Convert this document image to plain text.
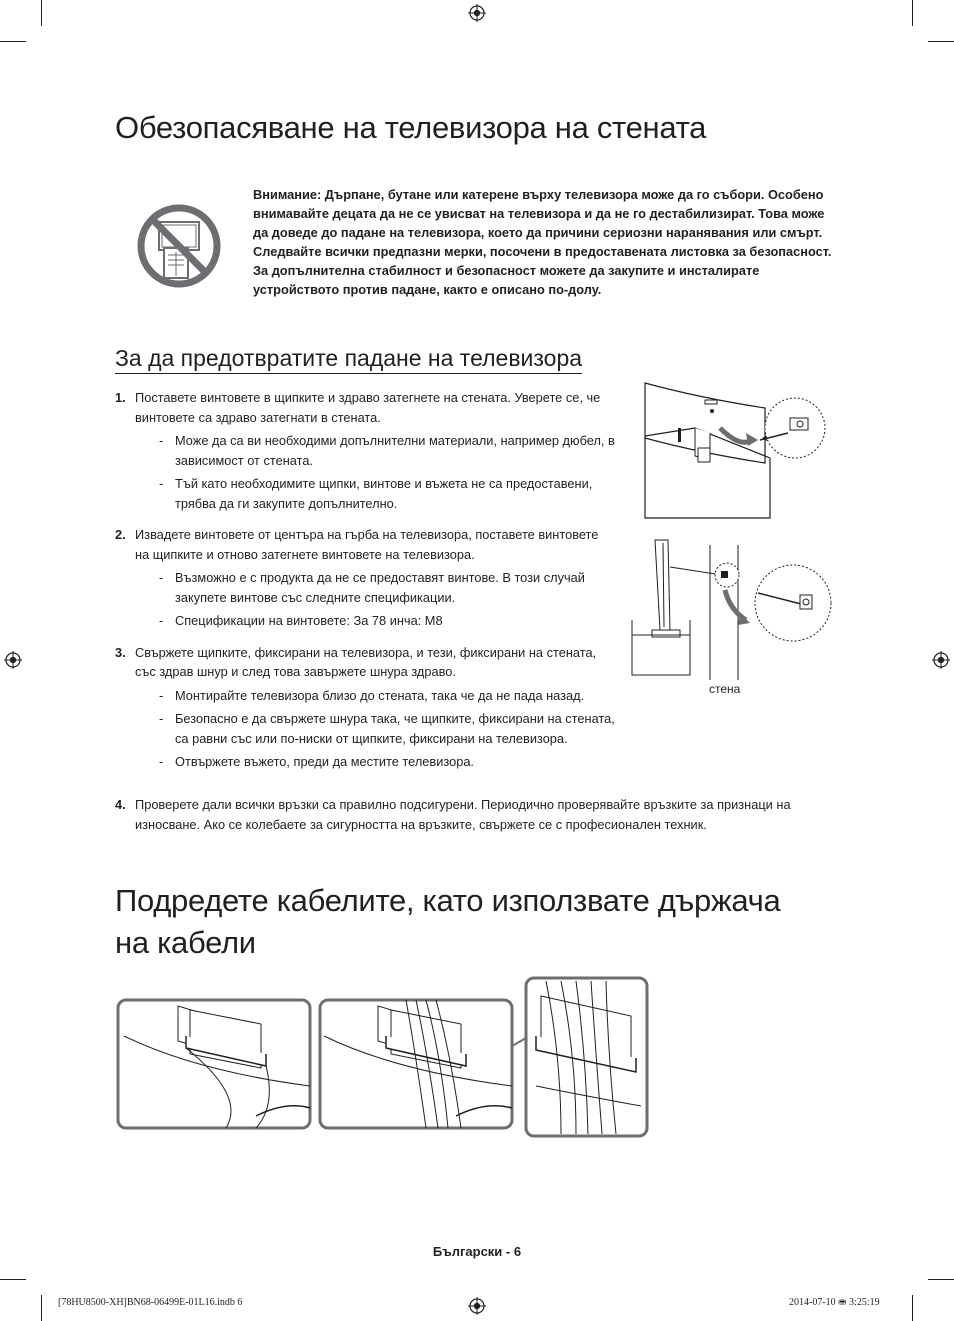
Обезопасяване на телевизора на стената
Внимание: Дърпане, бутане или катерене върху телевизора може да го събори. Особено внимавайте децата да не се увисват на телевизора и да не го дестабилизират. Това може да доведе до падане на телевизора, което да причини сериозни наранявания или смърт. Следвайте всички предпазни мерки, посочени в предоставената листовка за безопасност. За допълнителна стабилност и безопасност можете да закупите и инсталирате устройството против падане, както е описано по-долу.
За да предотвратите падане на телевизора
1. Поставете винтовете в щипките и здраво затегнете на стената. Уверете се, че винтовете са здраво затегнати в стената.
- Може да са ви необходими допълнителни материали, например дюбел, в зависимост от стената.
- Тъй като необходимите щипки, винтове и въжета не са предоставени, трябва да ги закупите допълнително.
2. Извадете винтовете от центъра на гърба на телевизора, поставете винтовете на щипките и отново затегнете винтовете на телевизора.
- Възможно е с продукта да не се предоставят винтове. В този случай закупете винтове със следните спецификации.
- Спецификации на винтовете: За 78 инча: M8
3. Свържете щипките, фиксирани на телевизора, и тези, фиксирани на стената, със здрав шнур и след това завържете шнура здраво.
- Монтирайте телевизора близо до стената, така че да не пада назад.
- Безопасно е да свържете шнура така, че щипките, фиксирани на стената, са равни със или по-ниски от щипките, фиксирани на телевизора.
- Отвържете въжето, преди да местите телевизора.
4. Проверете дали всички връзки са правилно подсигурени. Периодично проверявайте връзките за признаци на износване. Ако се колебаете за сигурността на връзките, свържете се с професионален техник.
стена
Подредете кабелите, като използвате държача
на кабели
Български - 6
[78HU8500-XH]BN68-06499E-01L16.indb 6	2014-07-10 ⛂ 3:25:19
